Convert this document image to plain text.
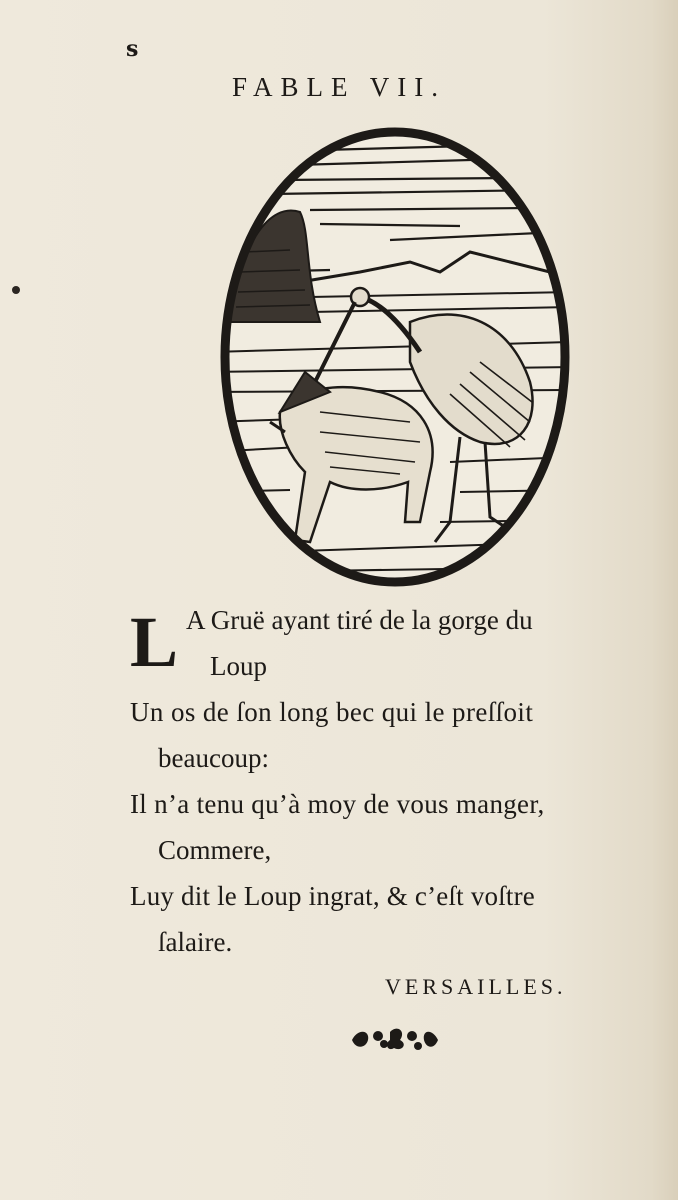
s
FABLE VII.
L A Gruë ayant tiré de la gorge du
Loup
Un os de ſon long bec qui le preſſoit
beaucoup:
Il n’a tenu qu’à moy de vous manger,
Commere,
Luy dit le Loup ingrat, & c’eſt voſtre
ſalaire.
VERSAILLES.
